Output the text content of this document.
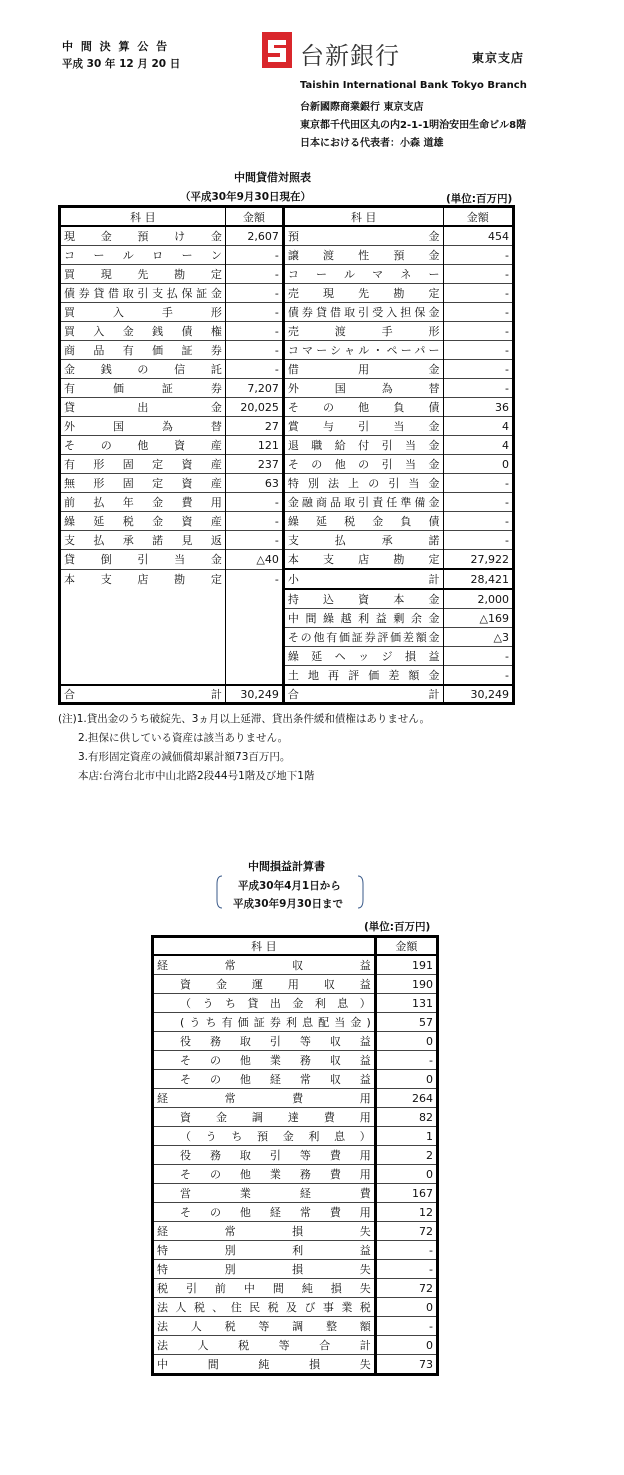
中 間 決 算 公 告
平成 30 年 12 月 20 日	台新銀行	東京支店
Taishin International Bank Tokyo Branch
台新國際商業銀行 東京支店
東京都千代田区丸の内2-1-1明治安田生命ビル8階
日本における代表者：小森 道雄
中間貸借対照表
（平成30年9月30日現在）	(単位:百万円)
科 目	金額	科 目	金額
現金預け金	2,607	預金	454
コールローン	-	譲渡性預金	-
買現先勘定	-	コールマネー	-
債券貸借取引支払保証金	-	売現先勘定	-
買入手形	-	債券貸借取引受入担保金	-
買入金銭債権	-	売渡手形	-
商品有価証券	-	コマーシャル・ペーパー	-
金銭の信託	-	借用金	-
有価証券	7,207	外国為替	-
貸出金	20,025	その他負債	36
外国為替	27	賞与引当金	4
その他資産	121	退職給付引当金	4
有形固定資産	237	その他の引当金	0
無形固定資産	63	特別法上の引当金	-
前払年金費用	-	金融商品取引責任準備金	-
繰延税金資産	-	繰延税金負債	-
支払承諾見返	-	支払承諾	-
貸倒引当金	△40	本支店勘定	27,922
本支店勘定	-	小計	28,421
		持込資本金	2,000
		中間繰越利益剰余金	△169
		その他有価証券評価差額金	△3
		繰延ヘッジ損益	-
		土地再評価差額金	-
合計	30,249	合計	30,249
(注)1.貸出金のうち破綻先、3ヵ月以上延滞、貸出条件緩和債権はありません。
2.担保に供している資産は該当ありません。
3.有形固定資産の減価償却累計額73百万円。
本店:台湾台北市中山北路2段44号1階及び地下1階
中間損益計算書
平成30年4月1日から
平成30年9月30日まで
(単位:百万円)
科 目	金額
経常収益	191
資金運用収益	190
（うち貸出金利息）	131
(うち有価証券利息配当金)	57
役務取引等収益	0
その他業務収益	-
その他経常収益	0
経常費用	264
資金調達費用	82
（うち預金利息）	1
役務取引等費用	2
その他業務費用	0
営業経費	167
その他経常費用	12
経常損失	72
特別利益	-
特別損失	-
税引前中間純損失	72
法人税、住民税及び事業税	0
法人税等調整額	-
法人税等合計	0
中間純損失	73
